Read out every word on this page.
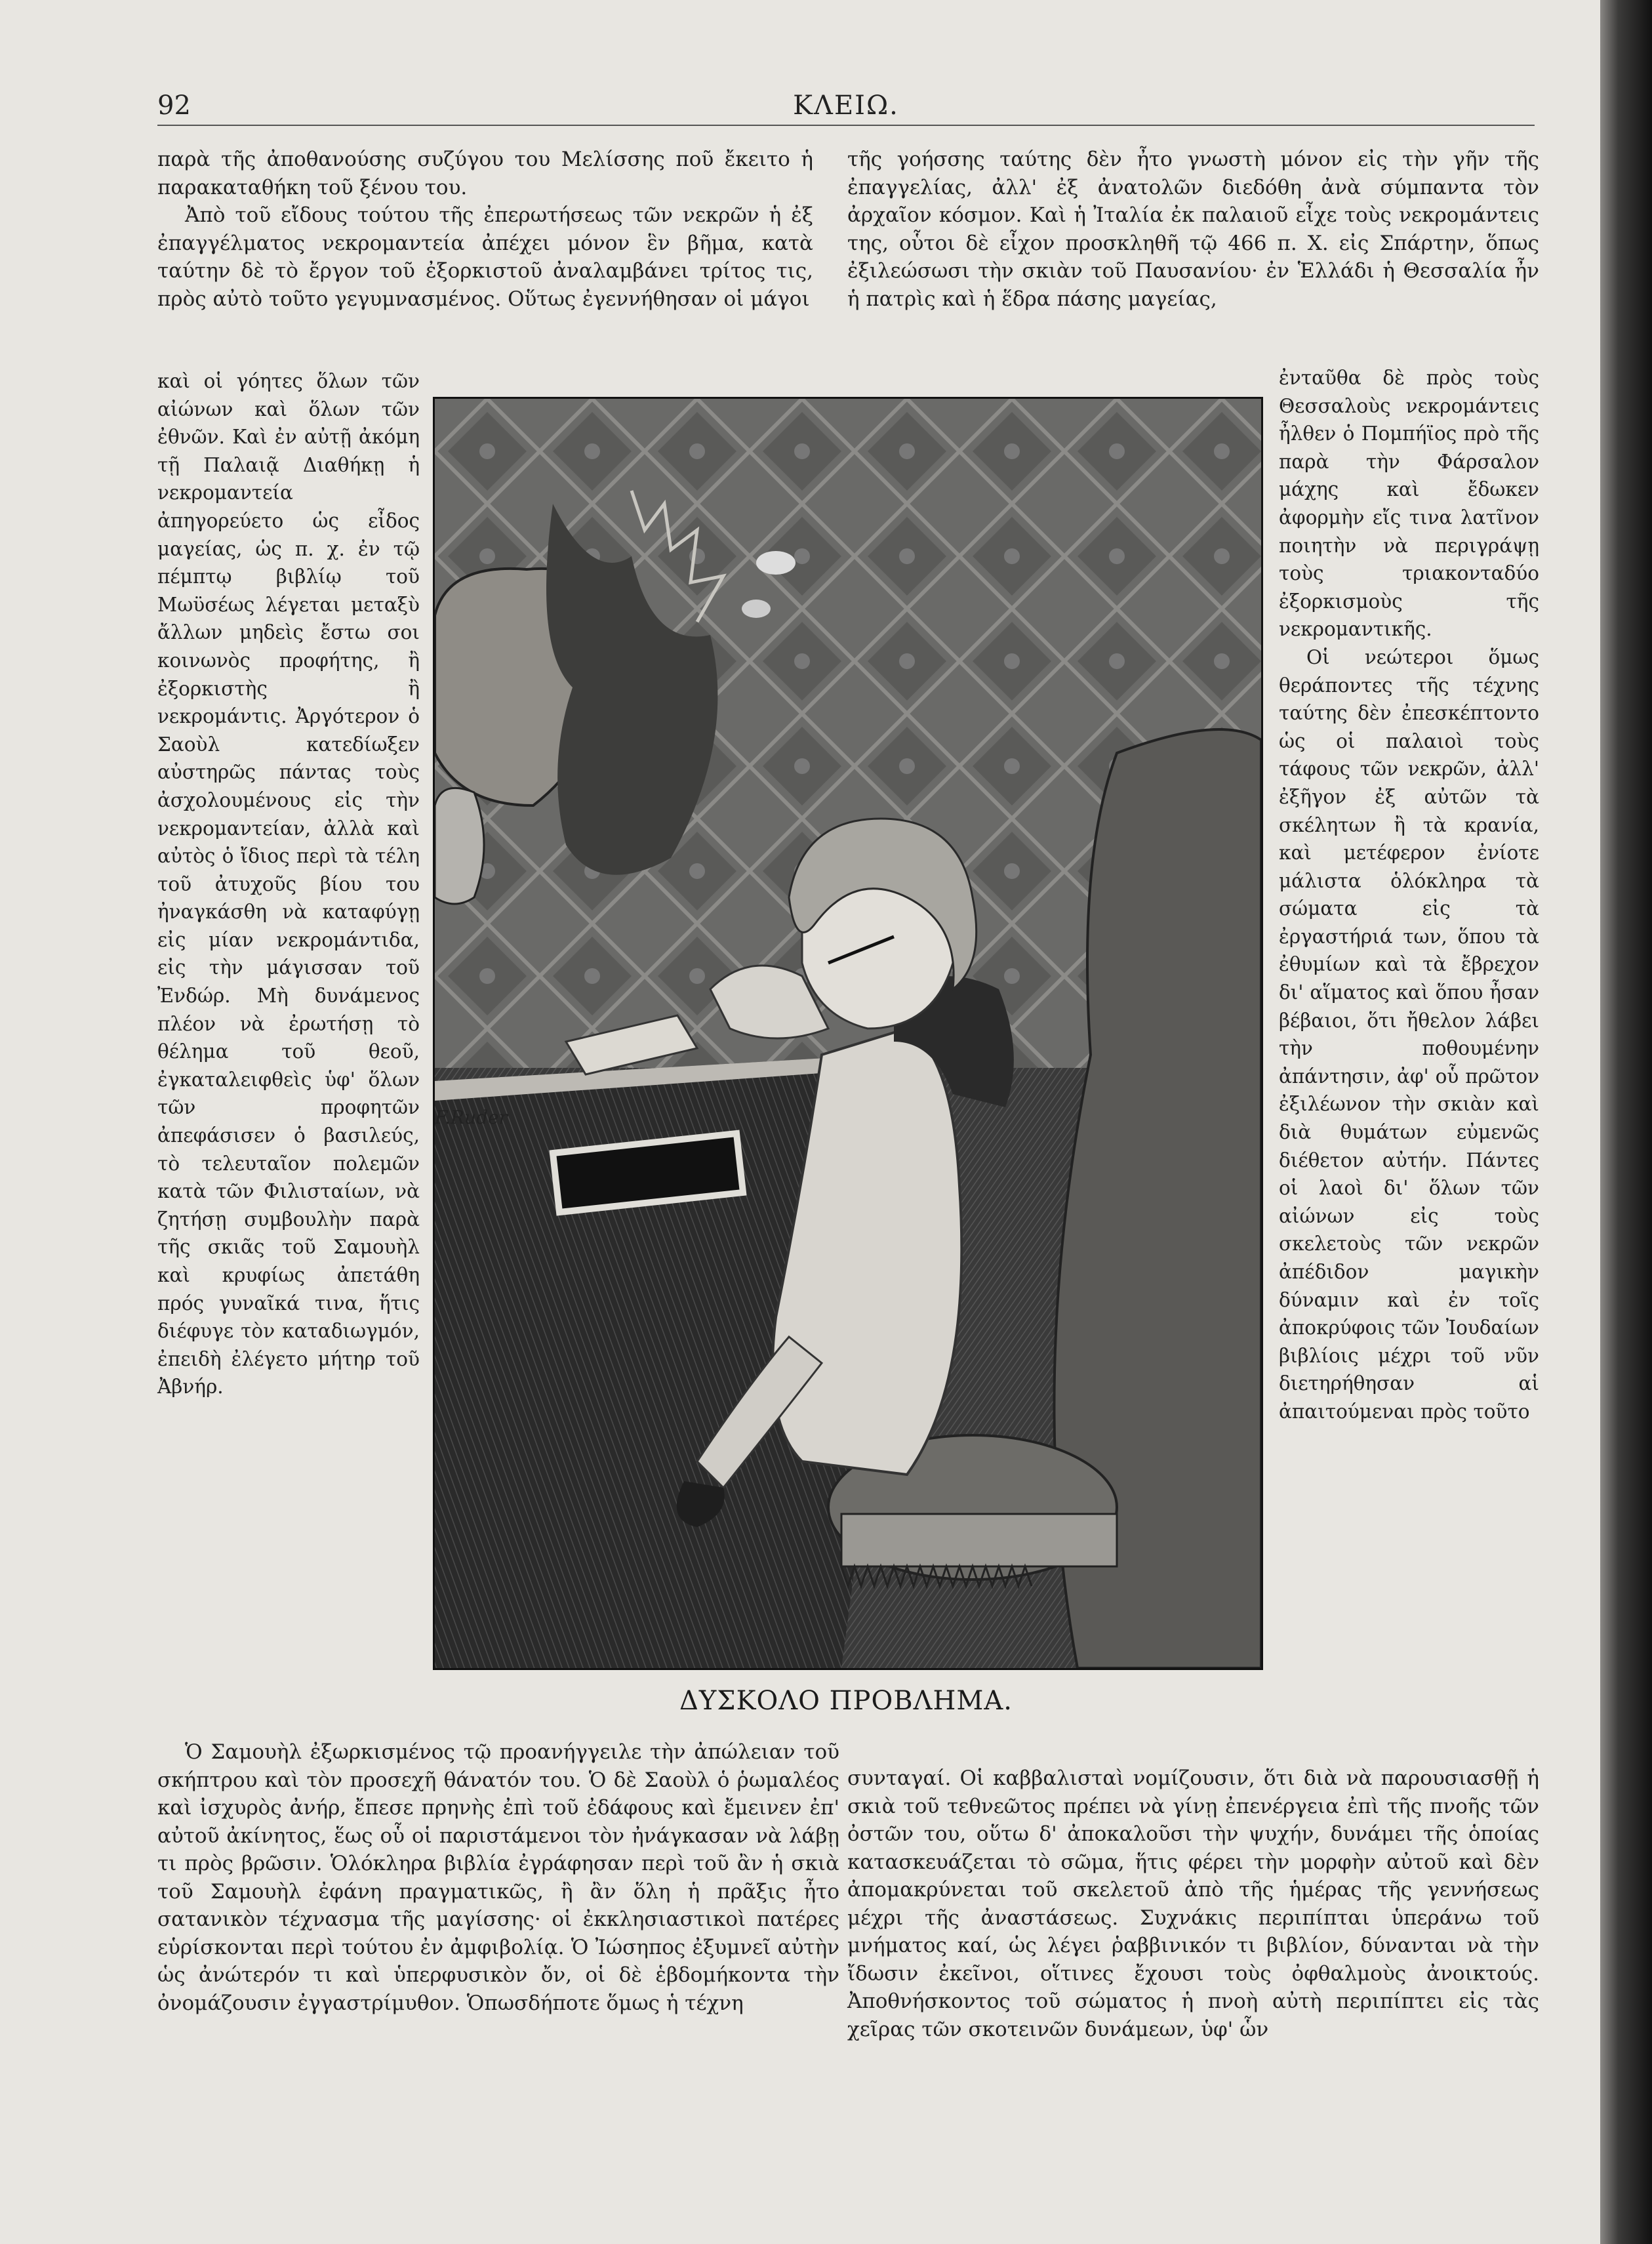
92	ΚΛΕΙΩ.

παρὰ τῆς ἀποθανούσης συζύγου του Μελίσσης ποῦ ἔκειτο ἡ παρακαταθήκη τοῦ ξένου του.

Ἀπὸ τοῦ εἴδους τούτου τῆς ἐπερωτήσεως τῶν νεκρῶν ἡ ἐξ ἐπαγγέλματος νεκρομαντεία ἀπέχει μόνον ἓν βῆμα, κατὰ ταύτην δὲ τὸ ἔργον τοῦ ἐξορκιστοῦ ἀναλαμβάνει τρίτος τις, πρὸς αὐτὸ τοῦτο γεγυμνασμένος. Οὕτως ἐγεννήθησαν οἱ μάγοι

τῆς γοήσσης ταύτης δὲν ἦτο γνωστὴ μόνον εἰς τὴν γῆν τῆς ἐπαγγελίας, ἀλλ' ἐξ ἀνατολῶν διεδόθη ἀνὰ σύμπαντα τὸν ἀρχαῖον κόσμον. Καὶ ἡ Ἰταλία ἐκ παλαιοῦ εἶχε τοὺς νεκρομάντεις της, οὗτοι δὲ εἶχον προσκληθῆ τῷ 466 π. Χ. εἰς Σπάρτην, ὅπως ἐξιλεώσωσι τὴν σκιὰν τοῦ Παυσανίου· ἐν Ἑλλάδι ἡ Θεσσαλία ἦν ἡ πατρὶς καὶ ἡ ἕδρα πάσης μαγείας,

καὶ οἱ γόητες ὅλων τῶν αἰώνων καὶ ὅλων τῶν ἐθνῶν. Καὶ ἐν αὐτῇ ἀκόμη τῇ Παλαιᾷ Διαθήκῃ ἡ νεκρομαντεία ἀπηγορεύετο ὡς εἶδος μαγείας, ὡς π. χ. ἐν τῷ πέμπτῳ βιβλίῳ τοῦ Μωϋσέως λέγεται μεταξὺ ἄλλων μηδεὶς ἔστω σοι κοινωνὸς προφήτης, ἢ ἐξορκιστὴς ἢ νεκρομάντις. Ἀργότερον ὁ Σαοὺλ κατεδίωξεν αὐστηρῶς πάντας τοὺς ἀσχολουμένους εἰς τὴν νεκρομαντείαν, ἀλλὰ καὶ αὐτὸς ὁ ἴδιος περὶ τὰ τέλη τοῦ ἀτυχοῦς βίου του ἠναγκάσθη νὰ καταφύγῃ εἰς μίαν νεκρομάντιδα, εἰς τὴν μάγισσαν τοῦ Ἐνδώρ. Μὴ δυνάμενος πλέον νὰ ἐρωτήσῃ τὸ θέλημα τοῦ θεοῦ, ἐγκαταλειφθεὶς ὑφ' ὅλων τῶν προφητῶν ἀπεφάσισεν ὁ βασιλεύς, τὸ τελευταῖον πολεμῶν κατὰ τῶν Φιλισταίων, νὰ ζητήσῃ συμβουλὴν παρὰ τῆς σκιᾶς τοῦ Σαμουὴλ καὶ κρυφίως ἀπετάθη πρός γυναῖκά τινα, ἥτις διέφυγε τὸν καταδιωγμόν, ἐπειδὴ ἐλέγετο μήτηρ τοῦ Ἀβνήρ.

ἐνταῦθα δὲ πρὸς τοὺς Θεσσαλοὺς νεκρομάντεις ἦλθεν ὁ Πομπήϊος πρὸ τῆς παρὰ τὴν Φάρσαλον μάχης καὶ ἔδωκεν ἀφορμὴν εἴς τινα λατῖνον ποιητὴν νὰ περιγράψῃ τοὺς τριακονταδύο ἐξορκισμοὺς τῆς νεκρομαντικῆς.

Οἱ νεώτεροι ὅμως θεράποντες τῆς τέχνης ταύτης δὲν ἐπεσκέπτοντο ὡς οἱ παλαιοὶ τοὺς τάφους τῶν νεκρῶν, ἀλλ' ἐξῆγον ἐξ αὐτῶν τὰ σκέλητων ἢ τὰ κρανία, καὶ μετέφερον ἐνίοτε μάλιστα ὁλόκληρα τὰ σώματα εἰς τὰ ἐργαστήριά των, ὅπου τὰ ἐθυμίων καὶ τὰ ἔβρεχον δι' αἵματος καὶ ὅπου ἦσαν βέβαιοι, ὅτι ἤθελον λάβει τὴν ποθουμένην ἀπάντησιν, ἀφ' οὗ πρῶτον ἐξιλέωνον τὴν σκιὰν καὶ διὰ θυμάτων εὐμενῶς διέθετον αὐτήν. Πάντες οἱ λαοὶ δι' ὅλων τῶν αἰώνων εἰς τοὺς σκελετοὺς τῶν νεκρῶν ἀπέδιδον μαγικὴν δύναμιν καὶ ἐν τοῖς ἀποκρύφοις τῶν Ἰουδαίων βιβλίοις μέχρι τοῦ νῦν διετηρήθησαν αἱ ἀπαιτούμεναι πρὸς τοῦτο

F.Ruder
ΔΥΣΚΟΛΟ ΠΡΟΒΛΗΜΑ.

Ὁ Σαμουὴλ ἐξωρκισμένος τῷ προανήγγειλε τὴν ἀπώλειαν τοῦ σκήπτρου καὶ τὸν προσεχῆ θάνατόν του. Ὁ δὲ Σαοὺλ ὁ ῥωμαλέος καὶ ἰσχυρὸς ἀνήρ, ἔπεσε πρηνὴς ἐπὶ τοῦ ἐδάφους καὶ ἔμεινεν ἐπ' αὐτοῦ ἀκίνητος, ἕως οὗ οἱ παριστάμενοι τὸν ἠνάγκασαν νὰ λάβῃ τι πρὸς βρῶσιν. Ὁλόκληρα βιβλία ἐγράφησαν περὶ τοῦ ἂν ἡ σκιὰ τοῦ Σαμουὴλ ἐφάνη πραγματικῶς, ἢ ἂν ὅλη ἡ πρᾶξις ἦτο σατανικὸν τέχνασμα τῆς μαγίσσης· οἱ ἐκκλησιαστικοὶ πατέρες εὑρίσκονται περὶ τούτου ἐν ἀμφιβολίᾳ. Ὁ Ἰώσηπος ἐξυμνεῖ αὐτὴν ὡς ἀνώτερόν τι καὶ ὑπερφυσικὸν ὄν, οἱ δὲ ἑβδομήκοντα τὴν ὀνομάζουσιν ἐγγαστρίμυθον. Ὁπωσδήποτε ὅμως ἡ τέχνη

συνταγαί. Οἱ καββαλισταὶ νομίζουσιν, ὅτι διὰ νὰ παρουσιασθῇ ἡ σκιὰ τοῦ τεθνεῶτος πρέπει νὰ γίνῃ ἐπενέργεια ἐπὶ τῆς πνοῆς τῶν ὀστῶν του, οὕτω δ' ἀποκαλοῦσι τὴν ψυχήν, δυνάμει τῆς ὁποίας κατασκευάζεται τὸ σῶμα, ἥτις φέρει τὴν μορφὴν αὐτοῦ καὶ δὲν ἀπομακρύνεται τοῦ σκελετοῦ ἀπὸ τῆς ἡμέρας τῆς γεννήσεως μέχρι τῆς ἀναστάσεως. Συχνάκις περιπίπται ὑπεράνω τοῦ μνήματος καί, ὡς λέγει ῥαββινικόν τι βιβλίον, δύνανται νὰ τὴν ἴδωσιν ἐκεῖνοι, οἵτινες ἔχουσι τοὺς ὀφθαλμοὺς ἀνοικτούς. Ἀποθνήσκοντος τοῦ σώματος ἡ πνοὴ αὐτὴ περιπίπτει εἰς τὰς χεῖρας τῶν σκοτεινῶν δυνάμεων, ὑφ' ὧν
